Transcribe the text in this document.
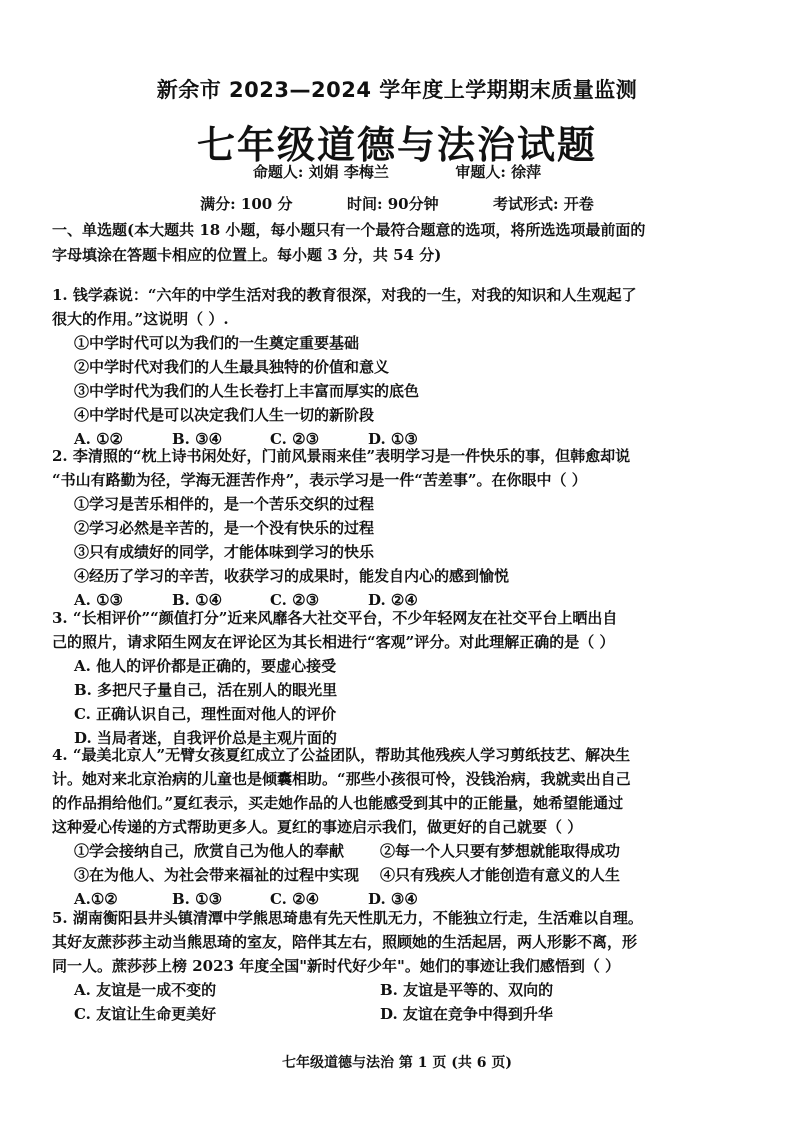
新余市 2023—2024 学年度上学期期末质量监测
七年级道德与法治试题
命题人: 刘娟 李梅兰	审题人: 徐萍
满分: 100 分	时间: 90分钟	考试形式: 开卷
一、单选题(本大题共 18 小题，每小题只有一个最符合题意的选项，将所选选项最前面的
字母填涂在答题卡相应的位置上。每小题 3 分，共 54 分)
1. 钱学森说：“六年的中学生活对我的教育很深，对我的一生，对我的知识和人生观起了
很大的作用。”这说明（ ）.
①中学时代可以为我们的一生奠定重要基础
②中学时代对我们的人生最具独特的价值和意义
③中学时代为我们的人生长卷打上丰富而厚实的底色
④中学时代是可以决定我们人生一切的新阶段
A. ①②	B. ③④	C. ②③	D. ①③
2. 李清照的“枕上诗书闲处好，门前风景雨来佳”表明学习是一件快乐的事，但韩愈却说
“书山有路勤为径，学海无涯苦作舟”，表示学习是一件“苦差事”。在你眼中（ ）
①学习是苦乐相伴的，是一个苦乐交织的过程
②学习必然是辛苦的，是一个没有快乐的过程
③只有成绩好的同学，才能体味到学习的快乐
④经历了学习的辛苦，收获学习的成果时，能发自内心的感到愉悦
A. ①③	B. ①④	C. ②③	D. ②④
3. “长相评价”“颜值打分”近来风靡各大社交平台，不少年轻网友在社交平台上晒出自
己的照片，请求陌生网友在评论区为其长相进行“客观”评分。对此理解正确的是（ ）
A. 他人的评价都是正确的，要虚心接受
B. 多把尺子量自己，活在别人的眼光里
C. 正确认识自己，理性面对他人的评价
D. 当局者迷，自我评价总是主观片面的
4. “最美北京人”无臂女孩夏红成立了公益团队，帮助其他残疾人学习剪纸技艺、解决生
计。她对来北京治病的儿童也是倾囊相助。“那些小孩很可怜，没钱治病，我就卖出自己
的作品捐给他们。”夏红表示，买走她作品的人也能感受到其中的正能量，她希望能通过
这种爱心传递的方式帮助更多人。夏红的事迹启示我们，做更好的自己就要（ ）
①学会接纳自己，欣赏自己为他人的奉献 ②每一个人只要有梦想就能取得成功
③在为他人、为社会带来福祉的过程中实现 ④只有残疾人才能创造有意义的人生
A.①②	B. ①③	C. ②④	D. ③④
5. 湖南衡阳县井头镇清潭中学熊思琦患有先天性肌无力，不能独立行走，生活难以自理。
其好友蔗莎莎主动当熊思琦的室友，陪伴其左右，照顾她的生活起居，两人形影不离，形
同一人。蔗莎莎上榜 2023 年度全国"新时代好少年"。她们的事迹让我们感悟到（ ）
A. 友谊是一成不变的	B. 友谊是平等的、双向的
C. 友谊让生命更美好	D. 友谊在竞争中得到升华
七年级道德与法治 第 1 页 (共 6 页)
